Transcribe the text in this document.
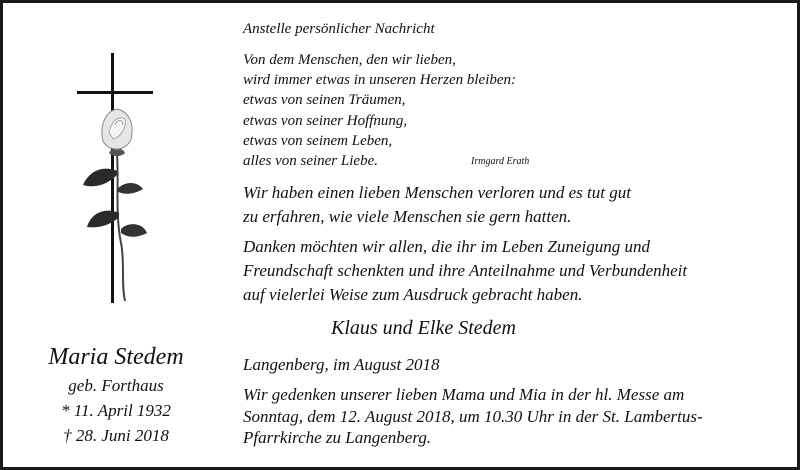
Anstelle persönlicher Nachricht

Von dem Menschen, den wir lieben,
wird immer etwas in unseren Herzen bleiben:
etwas von seinen Träumen,
etwas von seiner Hoffnung,
etwas von seinem Leben,
alles von seiner Liebe.	Irmgard Erath
Wir haben einen lieben Menschen verloren und es tut gut
zu erfahren, wie viele Menschen sie gern hatten.
Danken möchten wir allen, die ihr im Leben Zuneigung und
Freundschaft schenkten und ihre Anteilnahme und Verbundenheit
auf vielerlei Weise zum Ausdruck gebracht haben.

Klaus und Elke Stedem

Langenberg, im August 2018

Wir gedenken unserer lieben Mama und Mia in der hl. Messe am
Sonntag, dem 12. August 2018, um 10.30 Uhr in der St. Lambertus-
Pfarrkirche zu Langenberg.
Maria Stedem
geb. Forthaus
* 11. April 1932
† 28. Juni 2018
